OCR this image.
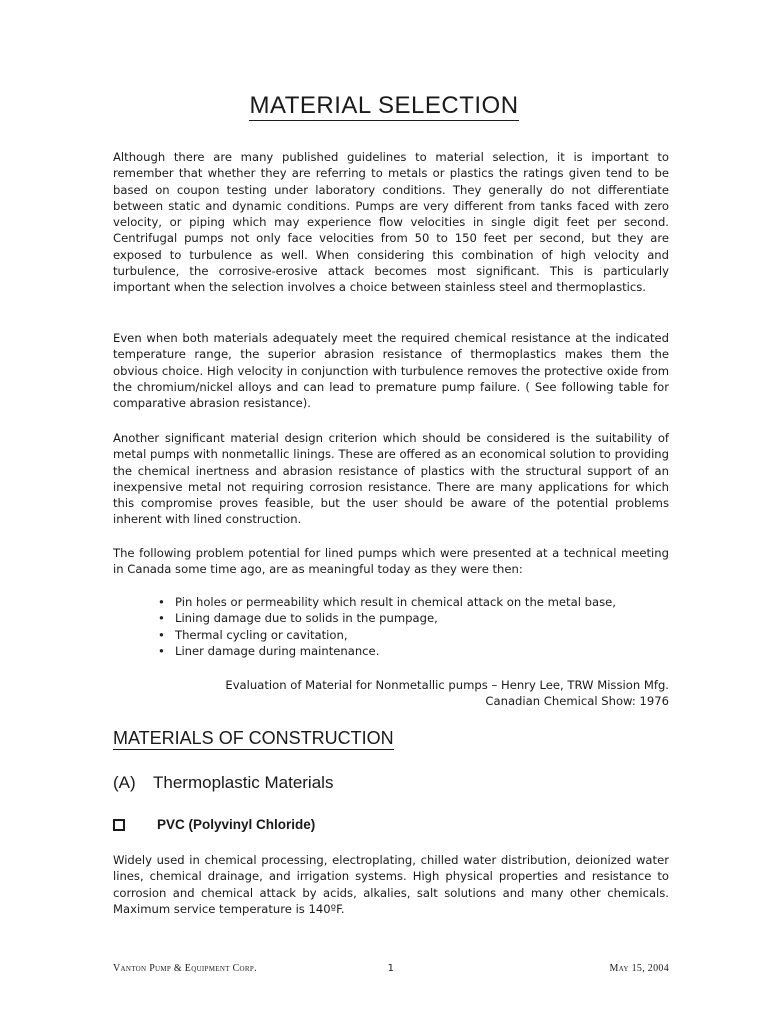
MATERIAL SELECTION

Although there are many published guidelines to material selection, it is important to remember that whether they are referring to metals or plastics the ratings given tend to be based on coupon testing under laboratory conditions. They generally do not differentiate between static and dynamic conditions. Pumps are very different from tanks faced with zero velocity, or piping which may experience flow velocities in single digit feet per second. Centrifugal pumps not only face velocities from 50 to 150 feet per second, but they are exposed to turbulence as well. When considering this combination of high velocity and turbulence, the corrosive-erosive attack becomes most significant. This is particularly important when the selection involves a choice between stainless steel and thermoplastics.

Even when both materials adequately meet the required chemical resistance at the indicated temperature range, the superior abrasion resistance of thermoplastics makes them the obvious choice. High velocity in conjunction with turbulence removes the protective oxide from the chromium/nickel alloys and can lead to premature pump failure. ( See following table for comparative abrasion resistance).

Another significant material design criterion which should be considered is the suitability of metal pumps with nonmetallic linings. These are offered as an economical solution to providing the chemical inertness and abrasion resistance of plastics with the structural support of an inexpensive metal not requiring corrosion resistance. There are many applications for which this compromise proves feasible, but the user should be aware of the potential problems inherent with lined construction.

The following problem potential for lined pumps which were presented at a technical meeting in Canada some time ago, are as meaningful today as they were then:

• Pin holes or permeability which result in chemical attack on the metal base,
• Lining damage due to solids in the pumpage,
• Thermal cycling or cavitation,
• Liner damage during maintenance.
Evaluation of Material for Nonmetallic pumps – Henry Lee, TRW Mission Mfg.
Canadian Chemical Show: 1976
MATERIALS OF CONSTRUCTION
(A) Thermoplastic Materials
PVC (Polyvinyl Chloride)

Widely used in chemical processing, electroplating, chilled water distribution, deionized water lines, chemical drainage, and irrigation systems. High physical properties and resistance to corrosion and chemical attack by acids, alkalies, salt solutions and many other chemicals. Maximum service temperature is 140ºF.

Vanton Pump & Equipment Corp.	1	May 15, 2004
